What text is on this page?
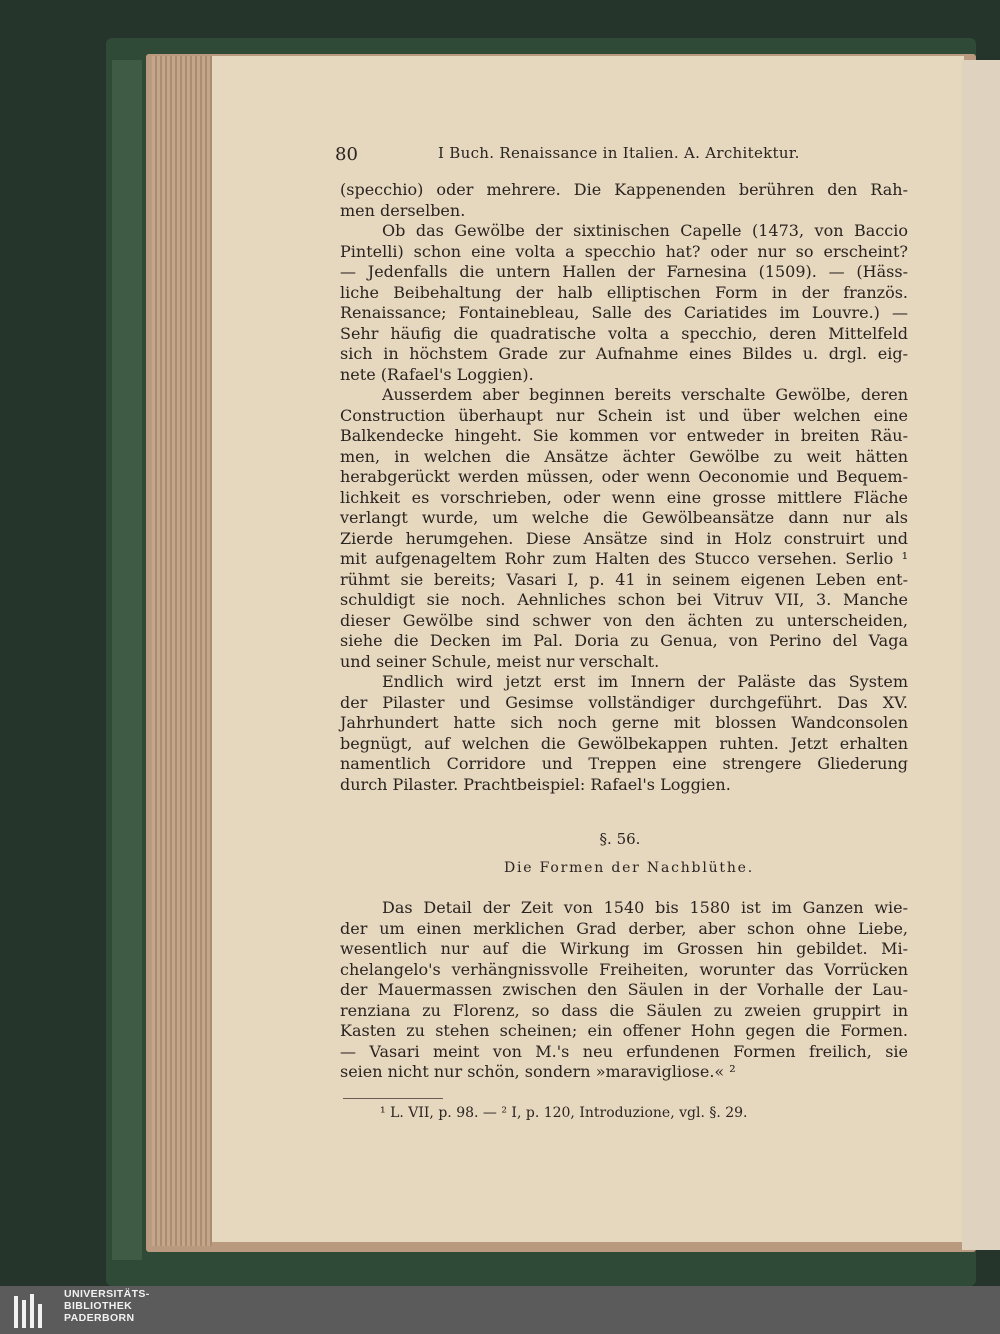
80	I Buch. Renaissance in Italien. A. Architektur.
(specchio) oder mehrere. Die Kappenenden berühren den Rah-
men derselben.
Ob das Gewölbe der sixtinischen Capelle (1473, von Baccio
Pintelli) schon eine volta a specchio hat? oder nur so erscheint?
— Jedenfalls die untern Hallen der Farnesina (1509). — (Häss-
liche Beibehaltung der halb elliptischen Form in der französ.
Renaissance; Fontainebleau, Salle des Cariatides im Louvre.) —
Sehr häufig die quadratische volta a specchio, deren Mittelfeld
sich in höchstem Grade zur Aufnahme eines Bildes u. drgl. eig-
nete (Rafael's Loggien).
Ausserdem aber beginnen bereits verschalte Gewölbe, deren
Construction überhaupt nur Schein ist und über welchen eine
Balkendecke hingeht. Sie kommen vor entweder in breiten Räu-
men, in welchen die Ansätze ächter Gewölbe zu weit hätten
herabgerückt werden müssen, oder wenn Oeconomie und Bequem-
lichkeit es vorschrieben, oder wenn eine grosse mittlere Fläche
verlangt wurde, um welche die Gewölbeansätze dann nur als
Zierde herumgehen. Diese Ansätze sind in Holz construirt und
mit aufgenageltem Rohr zum Halten des Stucco versehen. Serlio ¹
rühmt sie bereits; Vasari I, p. 41 in seinem eigenen Leben ent-
schuldigt sie noch. Aehnliches schon bei Vitruv VII, 3. Manche
dieser Gewölbe sind schwer von den ächten zu unterscheiden,
siehe die Decken im Pal. Doria zu Genua, von Perino del Vaga
und seiner Schule, meist nur verschalt.
Endlich wird jetzt erst im Innern der Paläste das System
der Pilaster und Gesimse vollständiger durchgeführt. Das XV.
Jahrhundert hatte sich noch gerne mit blossen Wandconsolen
begnügt, auf welchen die Gewölbekappen ruhten. Jetzt erhalten
namentlich Corridore und Treppen eine strengere Gliederung
durch Pilaster. Prachtbeispiel: Rafael's Loggien.
§. 56.
Die Formen der Nachblüthe.
Das Detail der Zeit von 1540 bis 1580 ist im Ganzen wie-
der um einen merklichen Grad derber, aber schon ohne Liebe,
wesentlich nur auf die Wirkung im Grossen hin gebildet. Mi-
chelangelo's verhängnissvolle Freiheiten, worunter das Vorrücken
der Mauermassen zwischen den Säulen in der Vorhalle der Lau-
renziana zu Florenz, so dass die Säulen zu zweien gruppirt in
Kasten zu stehen scheinen; ein offener Hohn gegen die Formen.
— Vasari meint von M.'s neu erfundenen Formen freilich, sie
seien nicht nur schön, sondern »maravigliose.« ²
¹ L. VII, p. 98. — ² I, p. 120, Introduzione, vgl. §. 29.
UNIVERSITÄTS-
BIBLIOTHEK
PADERBORN
